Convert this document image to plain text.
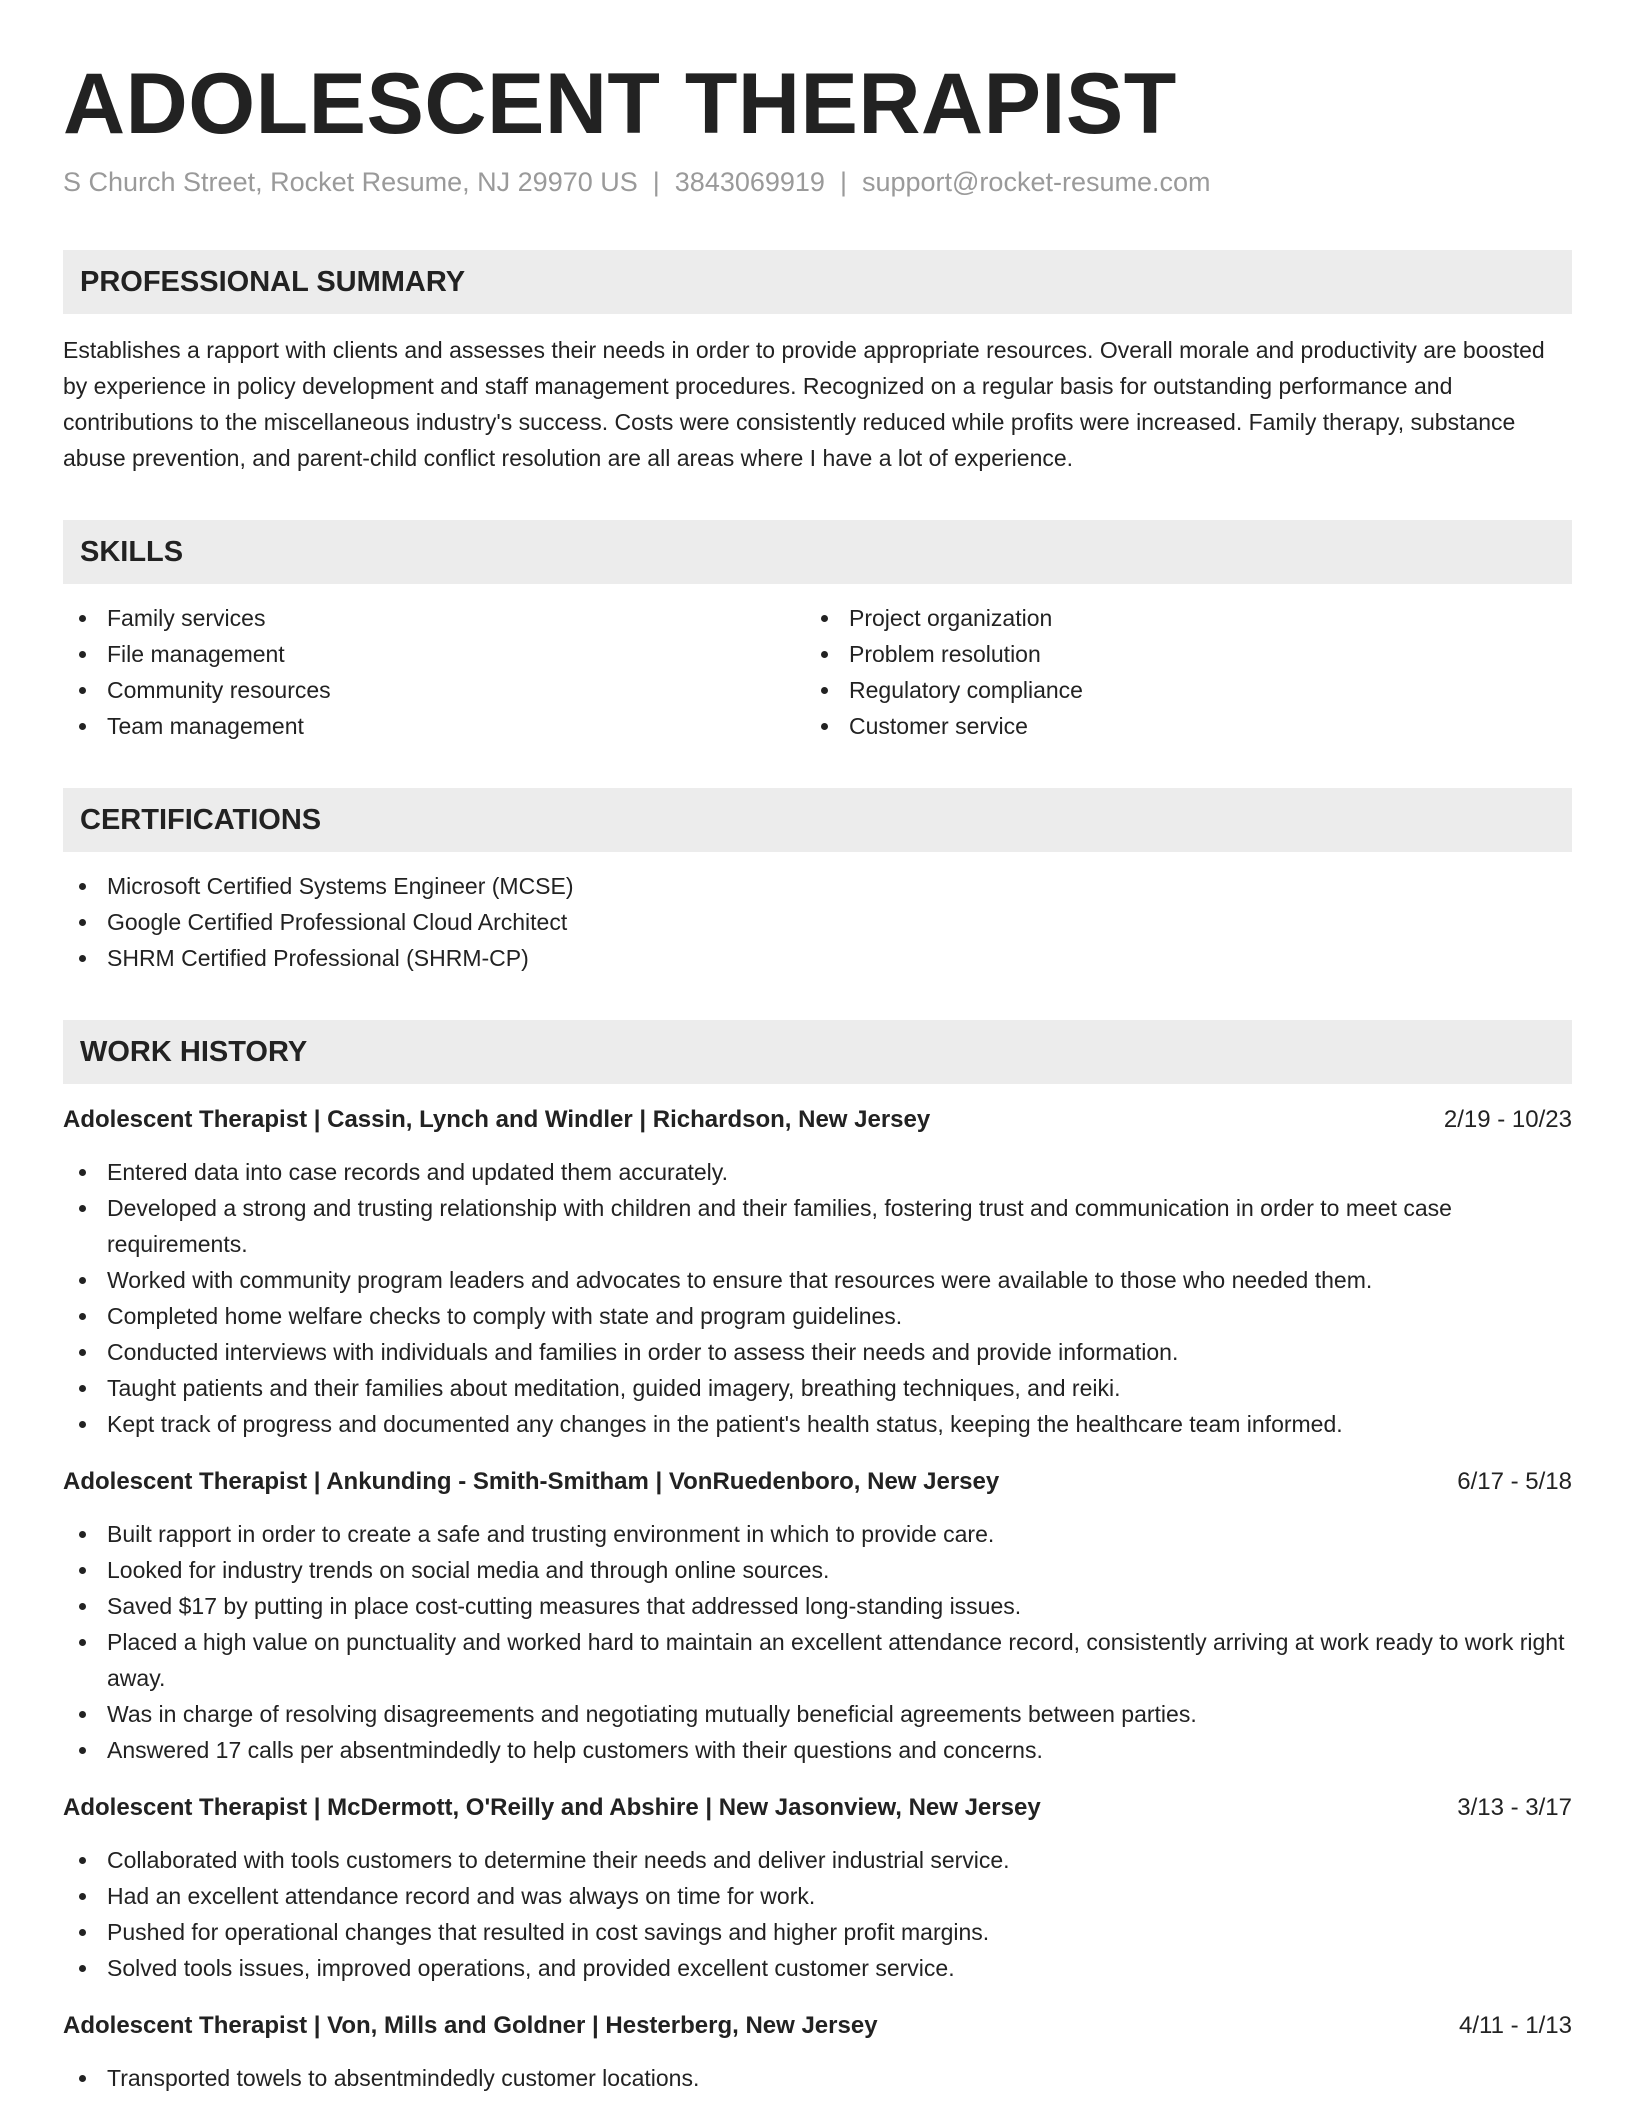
ADOLESCENT THERAPIST
S Church Street, Rocket Resume, NJ 29970 US | 3843069919 | support@rocket-resume.com
PROFESSIONAL SUMMARY

Establishes a rapport with clients and assesses their needs in order to provide appropriate resources. Overall morale and productivity are boosted by experience in policy development and staff management procedures. Recognized on a regular basis for outstanding performance and contributions to the miscellaneous industry's success. Costs were consistently reduced while profits were increased. Family therapy, substance abuse prevention, and parent-child conflict resolution are all areas where I have a lot of experience.

SKILLS
Family services
File management
Community resources
Team management
Project organization
Problem resolution
Regulatory compliance
Customer service
CERTIFICATIONS
Microsoft Certified Systems Engineer (MCSE)
Google Certified Professional Cloud Architect
SHRM Certified Professional (SHRM-CP)
WORK HISTORY
Adolescent Therapist | Cassin, Lynch and Windler | Richardson, New Jersey	2/19 - 10/23
Entered data into case records and updated them accurately.
Developed a strong and trusting relationship with children and their families, fostering trust and communication in order to meet case requirements.
Worked with community program leaders and advocates to ensure that resources were available to those who needed them.
Completed home welfare checks to comply with state and program guidelines.
Conducted interviews with individuals and families in order to assess their needs and provide information.
Taught patients and their families about meditation, guided imagery, breathing techniques, and reiki.
Kept track of progress and documented any changes in the patient's health status, keeping the healthcare team informed.
Adolescent Therapist | Ankunding - Smith-Smitham | VonRuedenboro, New Jersey	6/17 - 5/18
Built rapport in order to create a safe and trusting environment in which to provide care.
Looked for industry trends on social media and through online sources.
Saved $17 by putting in place cost-cutting measures that addressed long-standing issues.
Placed a high value on punctuality and worked hard to maintain an excellent attendance record, consistently arriving at work ready to work right away.
Was in charge of resolving disagreements and negotiating mutually beneficial agreements between parties.
Answered 17 calls per absentmindedly to help customers with their questions and concerns.
Adolescent Therapist | McDermott, O'Reilly and Abshire | New Jasonview, New Jersey	3/13 - 3/17
Collaborated with tools customers to determine their needs and deliver industrial service.
Had an excellent attendance record and was always on time for work.
Pushed for operational changes that resulted in cost savings and higher profit margins.
Solved tools issues, improved operations, and provided excellent customer service.
Adolescent Therapist | Von, Mills and Goldner | Hesterberg, New Jersey	4/11 - 1/13
Transported towels to absentmindedly customer locations.
